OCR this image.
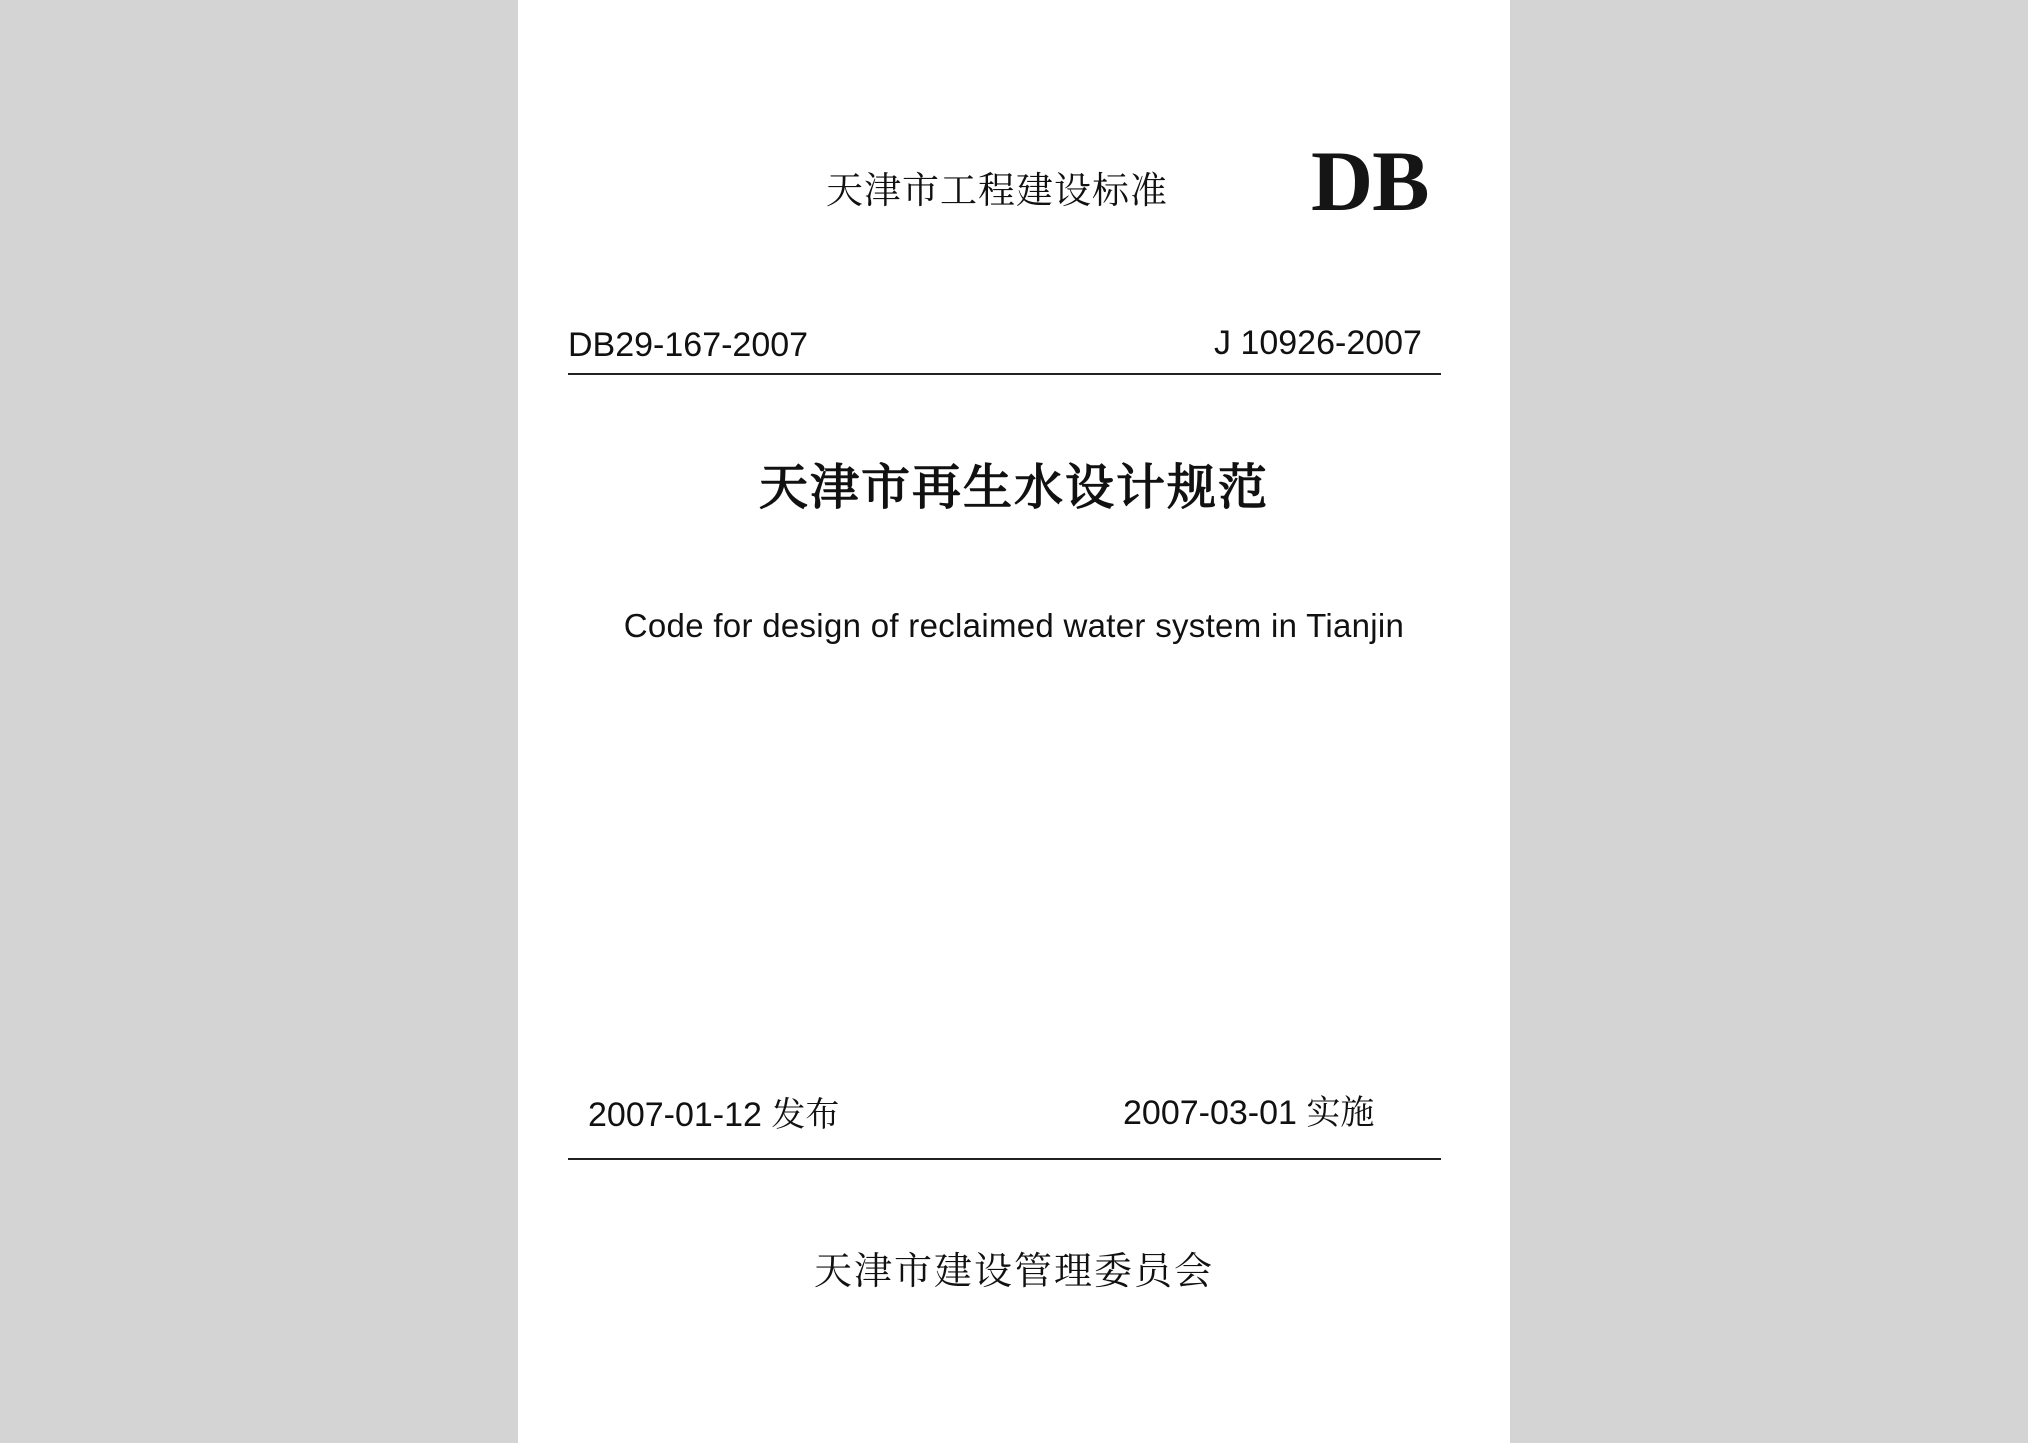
天津市工程建设标准 DB
DB29-167-2007	J 10926-2007
天津市再生水设计规范
Code for design of reclaimed water system in Tianjin
2007-01-12 发布	2007-03-01 实施
天津市建设管理委员会
